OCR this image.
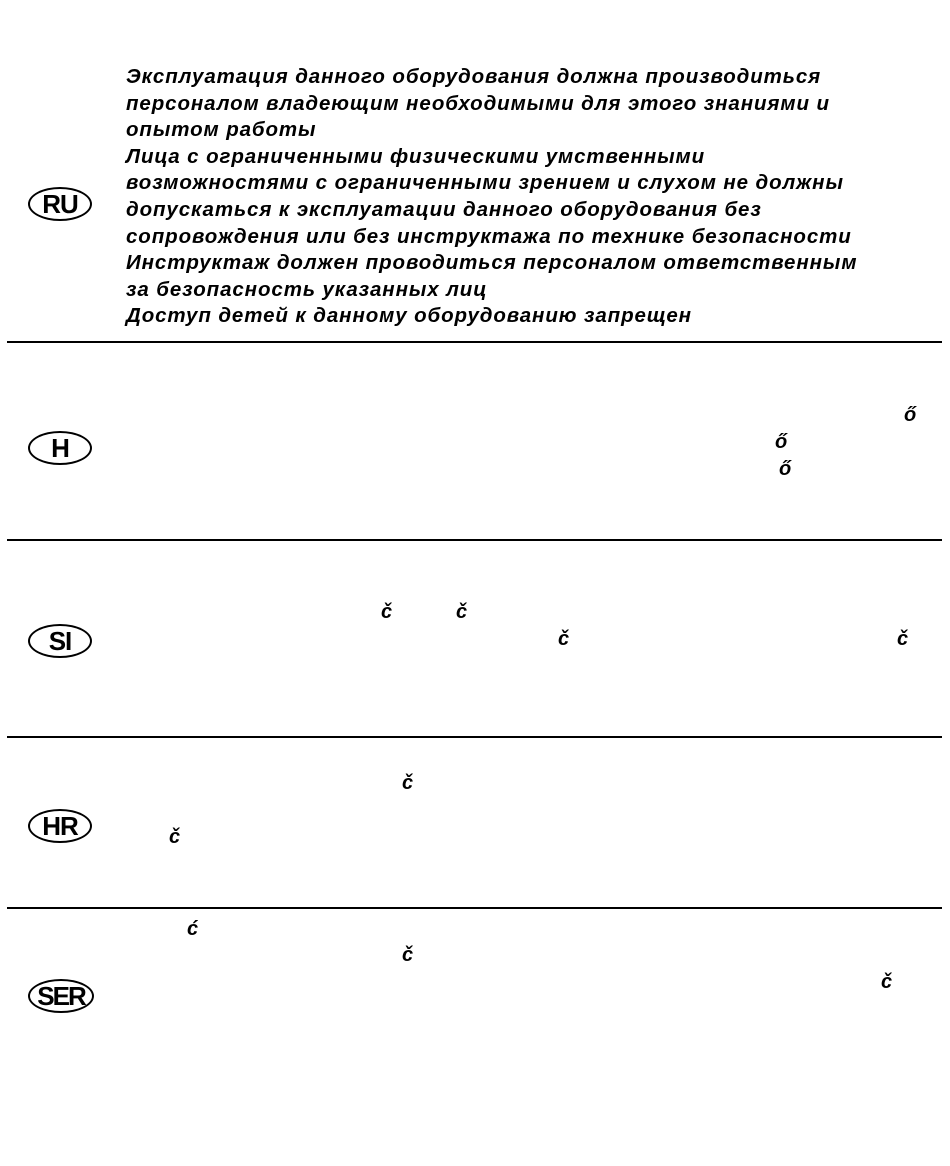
RU
Эксплуатация данного оборудования должна производиться
персоналом владеющим необходимыми для этого знаниями и
опытом работы
Лица с ограниченными физическими умственными
возможностями с ограниченными зрением и слухом не должны
допускаться к эксплуатации данного оборудования без
сопровождения или без инструктажа по технике безопасности
Инструктаж должен проводиться персоналом ответственным
за безопасность указанных лиц
Доступ детей к данному оборудованию запрещен
H
ő
ő
ő
SI
č	č
č	č
HR
č
č
SER
ć
č
č
